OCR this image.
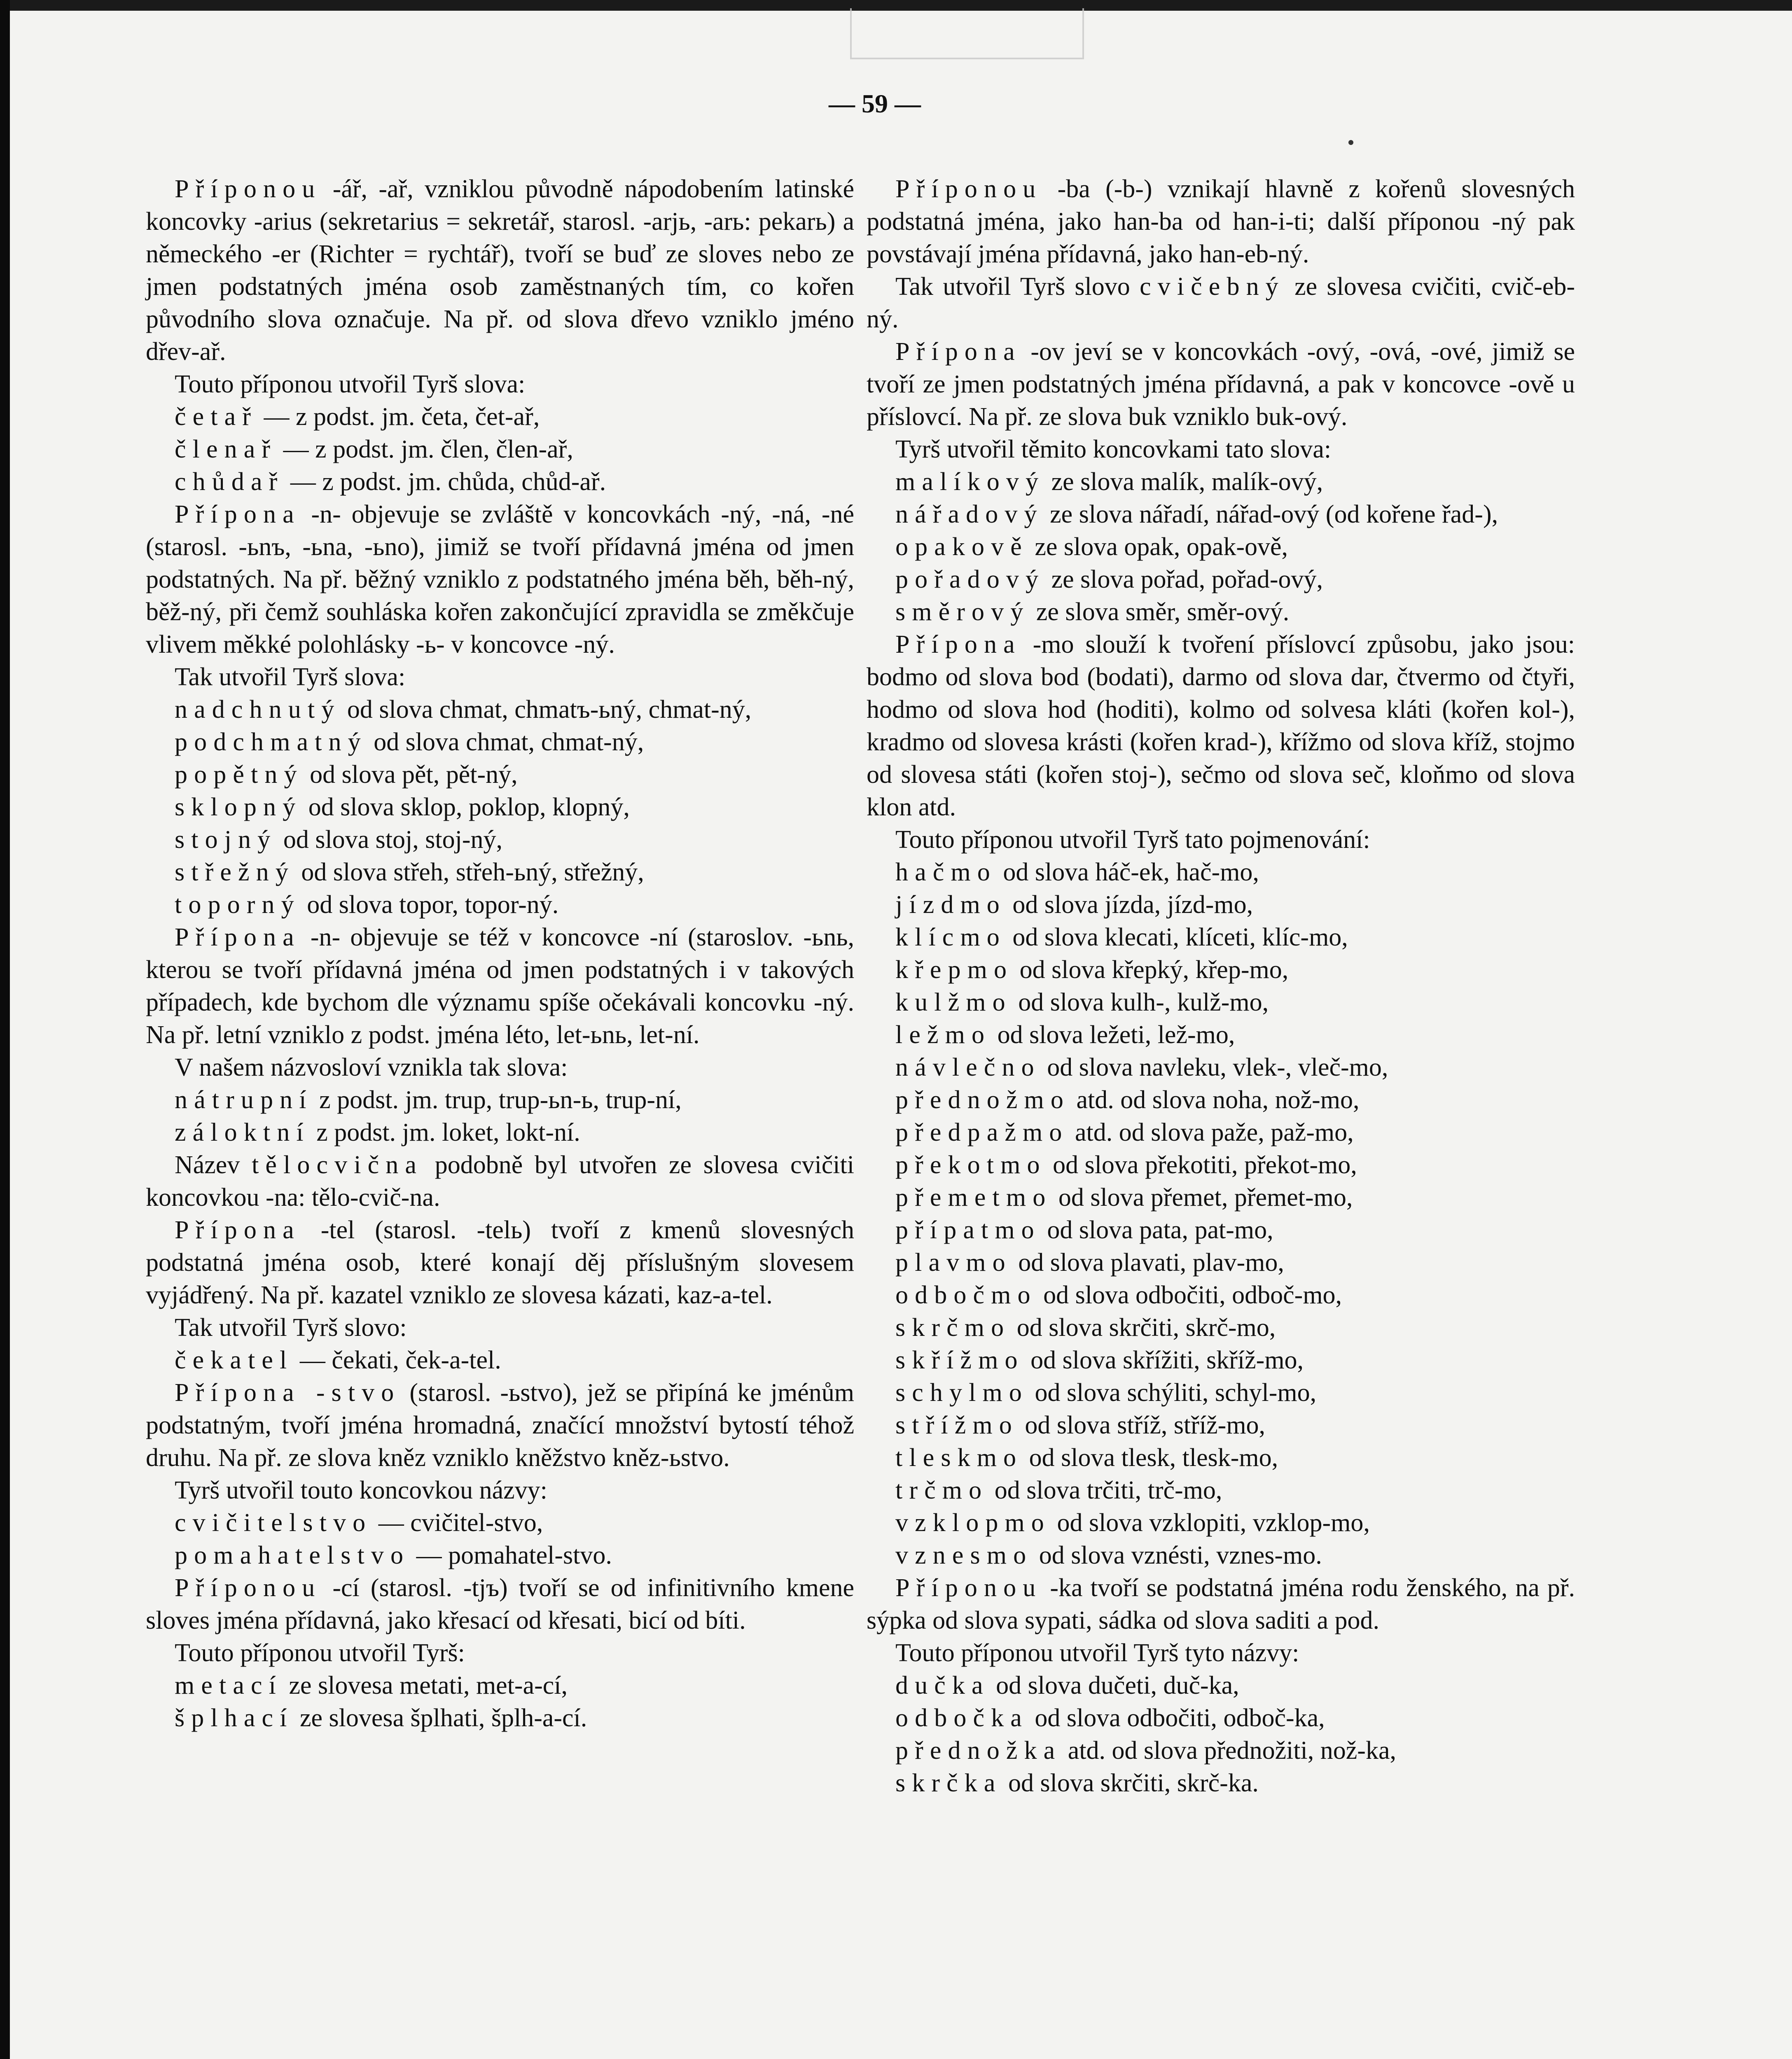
— 59 —

Příponou -ář, -ař, vzniklou původně nápodobením latinské koncovky -arius (sekretarius = sekretář, starosl. -arjь, -arь: pekarь) a německého -er (Richter = rychtář), tvoří se buď ze sloves nebo ze jmen podstatných jména osob zaměstnaných tím, co kořen původního slova označuje. Na př. od slova dřevo vzniklo jméno dřev-ař.

Touto příponou utvořil Tyrš slova:

četař — z podst. jm. četa, čet-ař,

členař — z podst. jm. člen, člen-ař,

chůdař — z podst. jm. chůda, chůd-ař.

Přípona -n- objevuje se zvláště v koncovkách -ný, -ná, -né (starosl. -ьnъ, -ьna, -ьno), jimiž se tvoří přídavná jména od jmen podstatných. Na př. běžný vzniklo z podstatného jména běh, běh-ný, běž-ný, při čemž souhláska kořen zakončující zpravidla se změkčuje vlivem měkké polohlásky -ь- v koncovce -ný.

Tak utvořil Tyrš slova:

nadchnutý od slova chmat, chmatъ-ьný, chmat-ný,

podchmatný od slova chmat, chmat-ný,

popětný od slova pět, pět-ný,

sklopný od slova sklop, poklop, klopný,

stojný od slova stoj, stoj-ný,

střežný od slova střeh, střeh-ьný, střežný,

toporný od slova topor, topor-ný.

Přípona -n- objevuje se též v koncovce -ní (staroslov. -ьnь, kterou se tvoří přídavná jména od jmen podstatných i v takových případech, kde bychom dle významu spíše očekávali koncovku -ný. Na př. letní vzniklo z podst. jména léto, let-ьnь, let-ní.

V našem názvosloví vznikla tak slova:

nátrupní z podst. jm. trup, trup-ьn-ь, trup-ní,

záloktní z podst. jm. loket, lokt-ní.

Název tělocvična podobně byl utvořen ze slovesa cvičiti koncovkou -na: tělo-cvič-na.

Přípona -tel (starosl. -telь) tvoří z kmenů slovesných podstatná jména osob, které konají děj příslušným slovesem vyjádřený. Na př. kazatel vzniklo ze slovesa kázati, kaz-a-tel.

Tak utvořil Tyrš slovo:

čekatel — čekati, ček-a-tel.

Přípona -stvo (starosl. -ьstvo), jež se připíná ke jménům podstatným, tvoří jména hromadná, značící množství bytostí téhož druhu. Na př. ze slova kněz vzniklo kněžstvo kněz-ьstvo.

Tyrš utvořil touto koncovkou názvy:

cvičitelstvo — cvičitel-stvo,

pomahatelstvo — pomahatel-stvo.

Příponou -cí (starosl. -tjъ) tvoří se od infinitivního kmene sloves jména přídavná, jako křesací od křesati, bicí od bíti.

Touto příponou utvořil Tyrš:

metací ze slovesa metati, met-a-cí,

šplhací ze slovesa šplhati, šplh-a-cí.

Příponou -ba (-b-) vznikají hlavně z kořenů slovesných podstatná jména, jako han-ba od han-i-ti; další příponou -ný pak povstávají jména přídavná, jako han-eb-ný.

Tak utvořil Tyrš slovo cvičebný ze slovesa cvičiti, cvič-eb-ný.

Přípona -ov jeví se v koncovkách -ový, -ová, -ové, jimiž se tvoří ze jmen podstatných jména přídavná, a pak v koncovce -ově u příslovcí. Na př. ze slova buk vzniklo buk-ový.

Tyrš utvořil těmito koncovkami tato slova:

malíkový ze slova malík, malík-ový,

nářadový ze slova nářadí, nářad-ový (od kořene řad-),

opakově ze slova opak, opak-ově,

pořadový ze slova pořad, pořad-ový,

směrový ze slova směr, směr-ový.

Přípona -mo slouží k tvoření příslovcí způsobu, jako jsou: bodmo od slova bod (bodati), darmo od slova dar, čtvermo od čtyři, hodmo od slova hod (hoditi), kolmo od solvesa kláti (kořen kol-), kradmo od slovesa krásti (kořen krad-), křížmo od slova kříž, stojmo od slovesa státi (kořen stoj-), sečmo od slova seč, kloňmo od slova klon atd.

Touto příponou utvořil Tyrš tato pojmenování:

hačmo od slova háč-ek, hač-mo,

jízdmo od slova jízda, jízd-mo,

klícmo od slova klecati, klíceti, klíc-mo,

křepmo od slova křepký, křep-mo,

kulžmo od slova kulh-, kulž-mo,

ležmo od slova ležeti, lež-mo,

návlečno od slova navleku, vlek-, vleč-mo,

přednožmo atd. od slova noha, nož-mo,

předpažmo atd. od slova paže, paž-mo,

překotmo od slova překotiti, překot-mo,

přemetmo od slova přemet, přemet-mo,

přípatmo od slova pata, pat-mo,

plavmo od slova plavati, plav-mo,

odbočmo od slova odbočiti, odboč-mo,

skrčmo od slova skrčiti, skrč-mo,

skřížmo od slova skřížiti, skříž-mo,

schylmo od slova schýliti, schyl-mo,

střížmo od slova stříž, stříž-mo,

tleskmo od slova tlesk, tlesk-mo,

trčmo od slova trčiti, trč-mo,

vzklopmo od slova vzklopiti, vzklop-mo,

vznesmo od slova vznésti, vznes-mo.

Příponou -ka tvoří se podstatná jména rodu ženského, na př. sýpka od slova sypati, sádka od slova saditi a pod.

Touto příponou utvořil Tyrš tyto názvy:

dučka od slova dučeti, duč-ka,

odbočka od slova odbočiti, odboč-ka,

přednožka atd. od slova přednožiti, nož-ka,

skrčka od slova skrčiti, skrč-ka.
